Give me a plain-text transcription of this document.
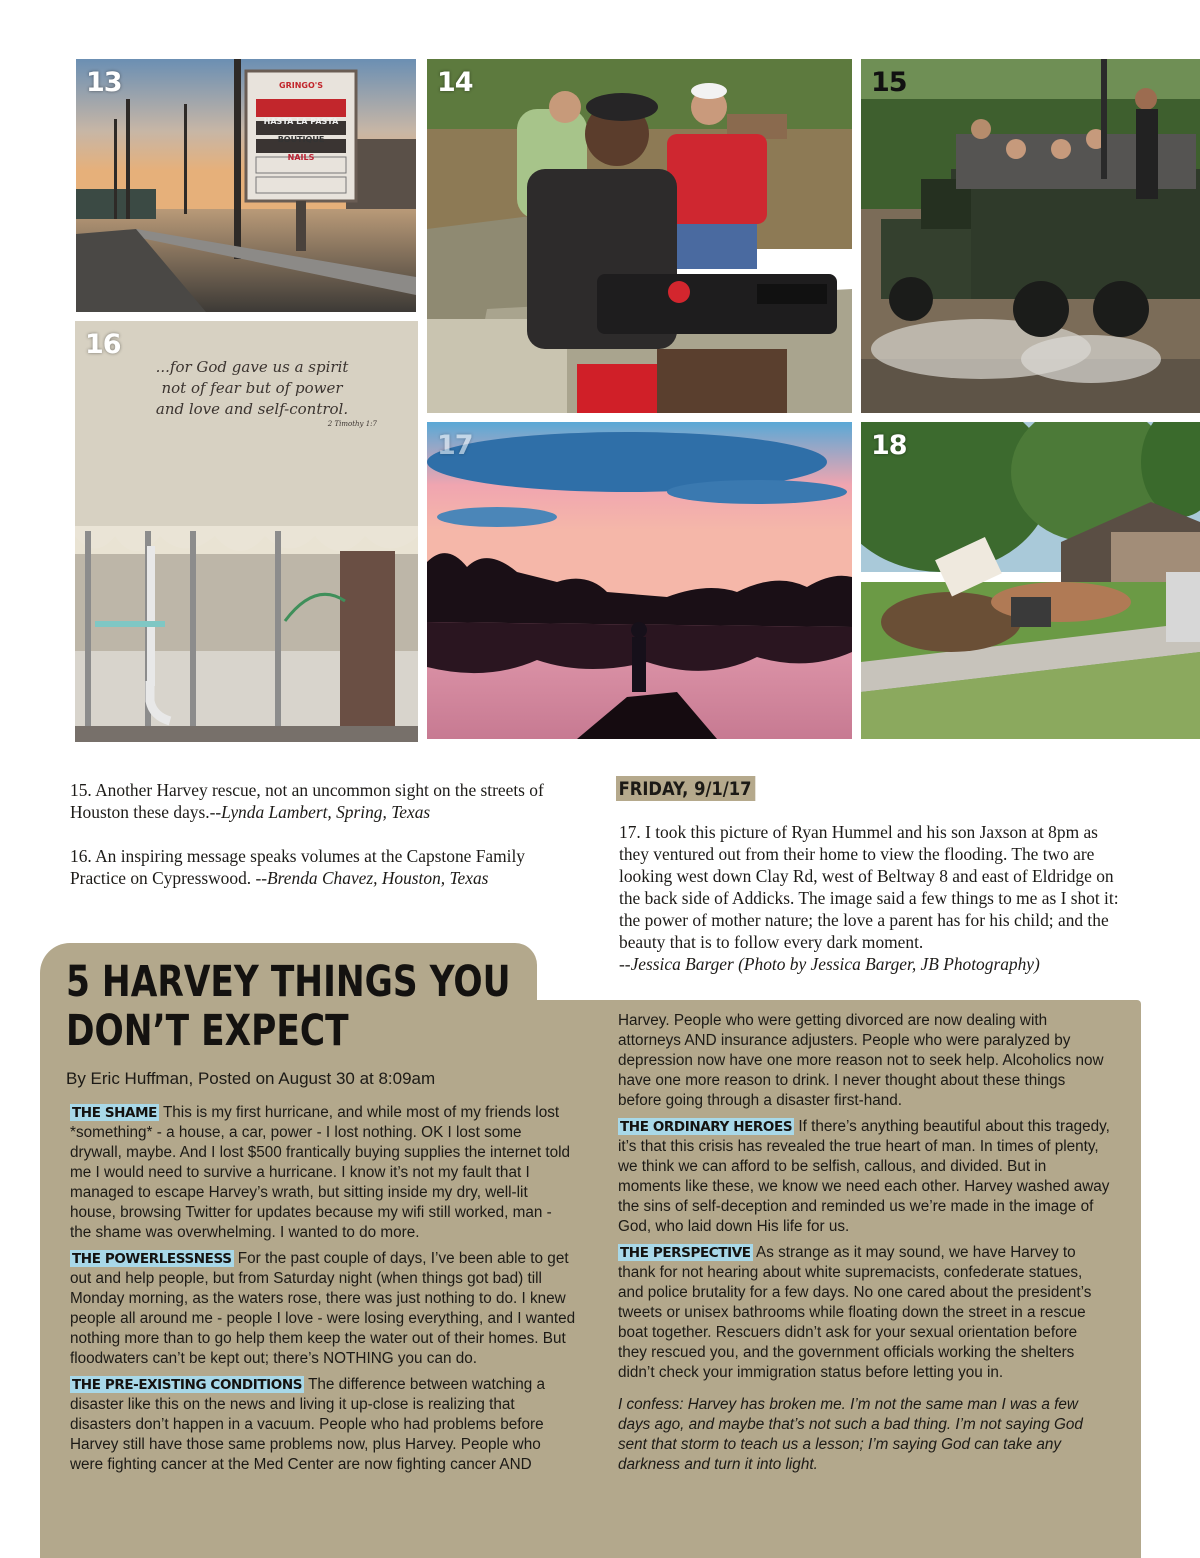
13	GRINGO'S
HASTA LA PASTA
BOUTIQUE
NAILS
14	15
16
...for God gave us a spirit
not of fear but of power
and love and self-control.
2 Timothy 1:7
17	18
15. Another Harvey rescue, not an uncommon sight on the streets of Houston these days.--Lynda Lambert, Spring, Texas
16. An inspiring message speaks volumes at the Capstone Family Practice on Cypresswood. --Brenda Chavez, Houston, Texas
FRIDAY, 9/1/17
17. I took this picture of Ryan Hummel and his son Jaxson at 8pm as they ventured out from their home to view the flooding. The two are looking west down Clay Rd, west of Beltway 8 and east of Eldridge on the back side of Addicks. The image said a few things to me as I shot it: the power of mother nature; the love a parent has for his child; and the beauty that is to follow every dark moment.
--Jessica Barger (Photo by Jessica Barger, JB Photography)
5 HARVEY THINGS YOU
DON’T EXPECT
By Eric Huffman, Posted on August 30 at 8:09am

THE SHAME This is my first hurricane, and while most of my friends lost *something* - a house, a car, power - I lost nothing. OK I lost some drywall, maybe. And I lost $500 frantically buying supplies the internet told me I would need to survive a hurricane. I know it’s not my fault that I managed to escape Harvey’s wrath, but sitting inside my dry, well-lit house, browsing Twitter for updates because my wifi still worked, man - the shame was overwhelming. I wanted to do more.

THE POWERLESSNESS For the past couple of days, I’ve been able to get out and help people, but from Saturday night (when things got bad) till Monday morning, as the waters rose, there was just nothing to do. I knew people all around me - people I love - were losing everything, and I wanted nothing more than to go help them keep the water out of their homes. But floodwaters can’t be kept out; there’s NOTHING you can do.

THE PRE-EXISTING CONDITIONS The difference between watching a disaster like this on the news and living it up-close is realizing that disasters don’t happen in a vacuum. People who had problems before Harvey still have those same problems now, plus Harvey. People who were fighting cancer at the Med Center are now fighting cancer AND

Harvey. People who were getting divorced are now dealing with attorneys AND insurance adjusters. People who were paralyzed by depression now have one more reason not to seek help. Alcoholics now have one more reason to drink. I never thought about these things before going through a disaster first-hand.

THE ORDINARY HEROES If there’s anything beautiful about this tragedy, it’s that this crisis has revealed the true heart of man. In times of plenty, we think we can afford to be selfish, callous, and divided. But in moments like these, we know we need each other. Harvey washed away the sins of self-deception and reminded us we’re made in the image of God, who laid down His life for us.

THE PERSPECTIVE As strange as it may sound, we have Harvey to thank for not hearing about white supremacists, confederate statues, and police brutality for a few days. No one cared about the president’s tweets or unisex bathrooms while floating down the street in a rescue boat together. Rescuers didn’t ask for your sexual orientation before they rescued you, and the government officials working the shelters didn’t check your immigration status before letting you in.

I confess: Harvey has broken me. I’m not the same man I was a few days ago, and maybe that’s not such a bad thing. I’m not saying God sent that storm to teach us a lesson; I’m saying God can take any darkness and turn it into light.
